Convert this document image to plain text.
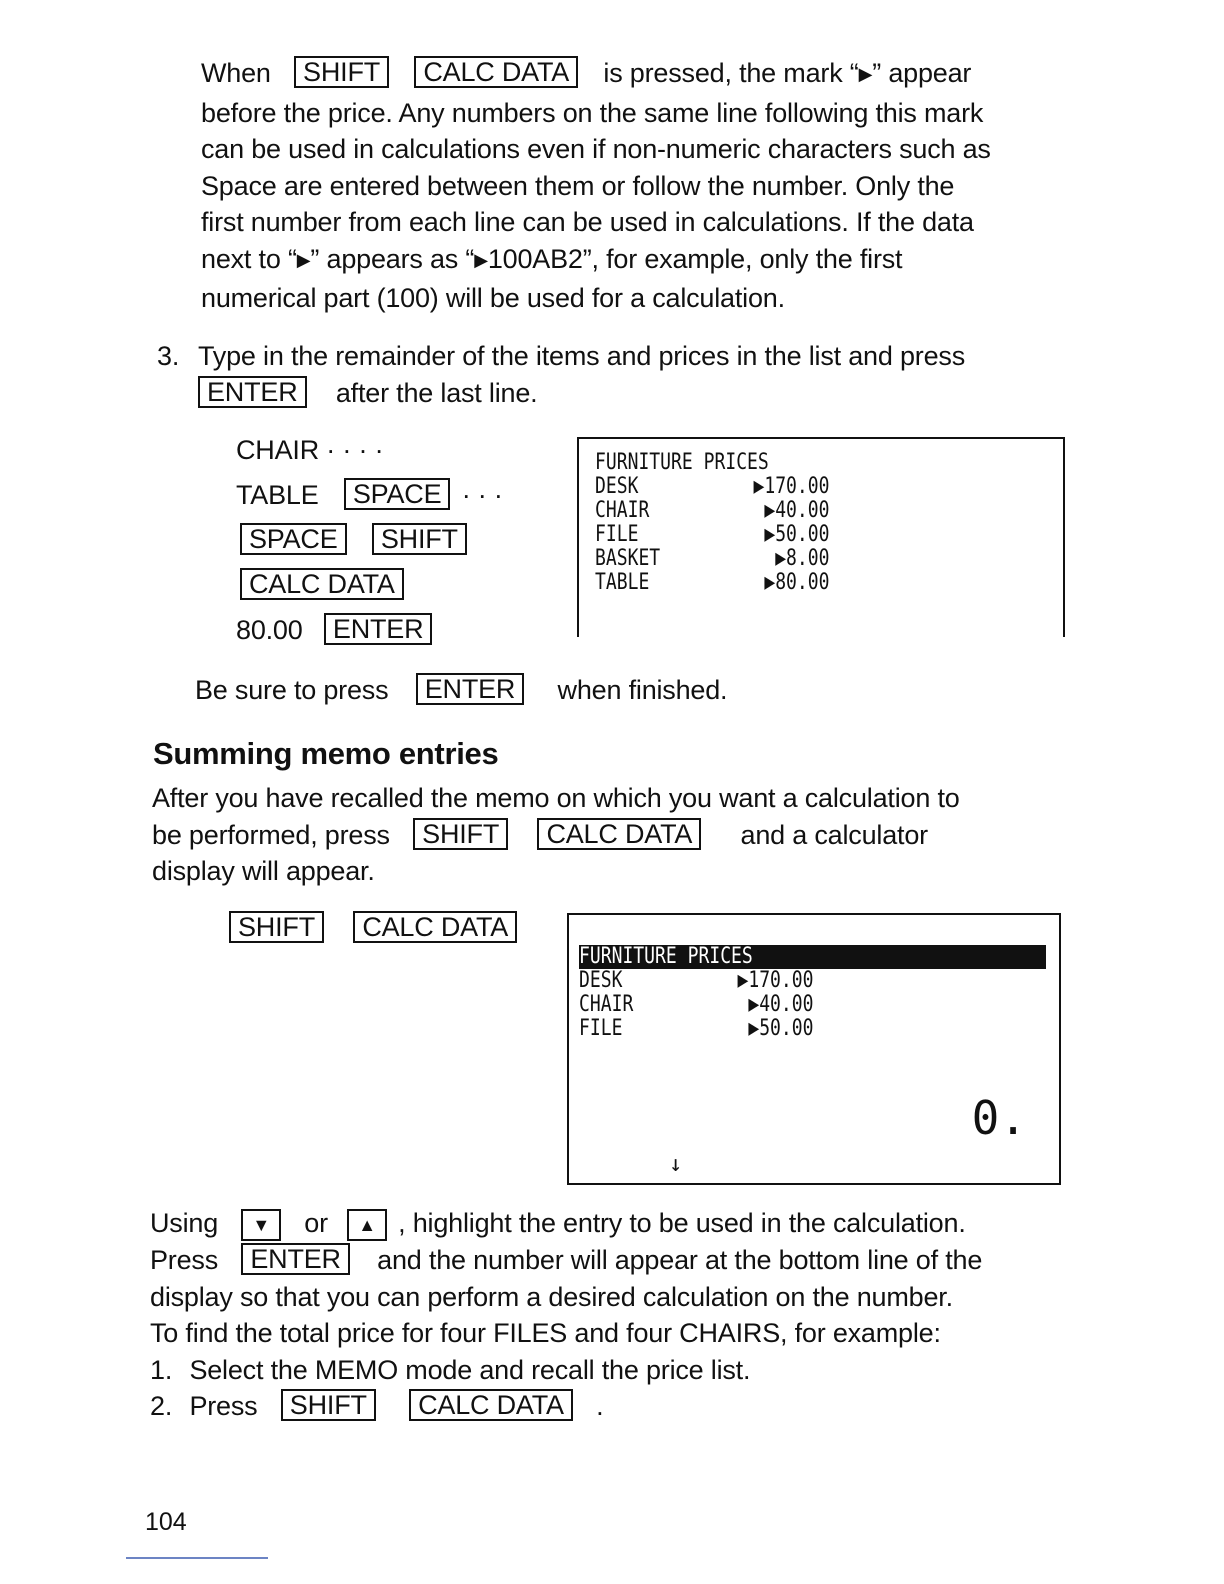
When SHIFT CALC DATA is pressed, the mark “▶” appear
before the price. Any numbers on the same line following this mark
can be used in calculations even if non-numeric characters such as
Space are entered between them or follow the number. Only the
first number from each line can be used in calculations. If the data
next to “▶” appears as “▶100AB2”, for example, only the first
numerical part (100) will be used for a calculation.
3. Type in the remainder of the items and prices in the list and press
ENTER after the last line.
CHAIR · · · ·
TABLE SPACE · · ·
SPACE SHIFT
CALC DATA
80.00 ENTER
FURNITURE PRICES
DESK	▶170.00
CHAIR	▶40.00
FILE	▶50.00
BASKET	▶8.00
TABLE	▶80.00
Be sure to press ENTER when finished.
Summing memo entries
After you have recalled the memo on which you want a calculation to
be performed, press SHIFT CALC DATA and a calculator
display will appear.
SHIFT CALC DATA
FURNITURE PRICES
DESK	▶170.00
CHAIR	▶40.00
FILE	▶50.00
0.
↓
Using ▼ or ▲ , highlight the entry to be used in the calculation.
Press ENTER and the number will appear at the bottom line of the
display so that you can perform a desired calculation on the number.
To find the total price for four FILES and four CHAIRS, for example:
1. Select the MEMO mode and recall the price list.
2. Press SHIFT CALC DATA .
104
